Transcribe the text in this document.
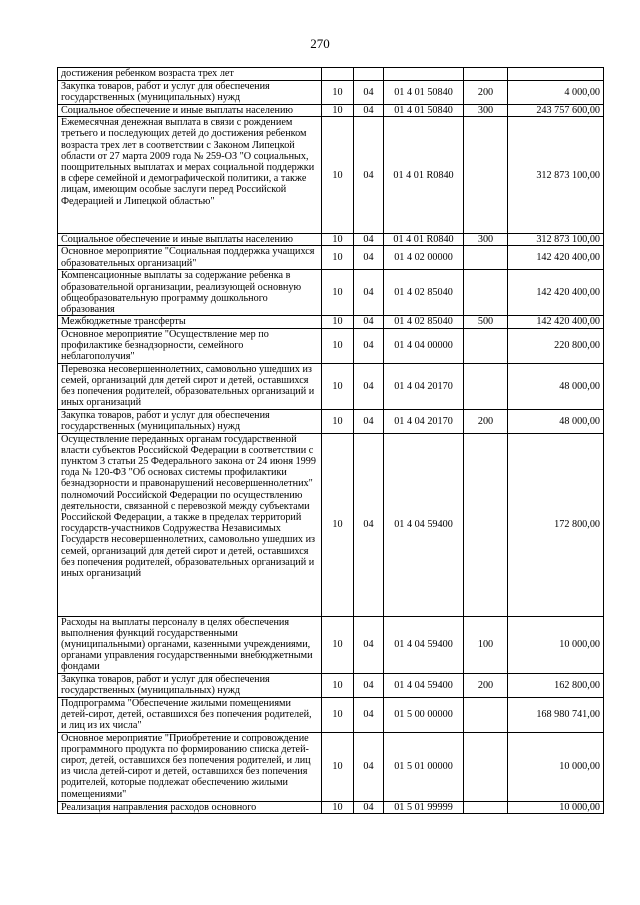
270
достижения ребенком возраста трех лет					
Закупка товаров, работ и услуг для обеспечения государственных (муниципальных) нужд	10	04	01 4 01 50840	200	4 000,00
Социальное обеспечение и иные выплаты населению	10	04	01 4 01 50840	300	243 757 600,00
Ежемесячная денежная выплата в связи с рождением третьего и последующих детей до достижения ребенком возраста трех лет в соответствии с Законом Липецкой области от 27 марта 2009 года № 259-ОЗ "О социальных, поощрительных выплатах и мерах социальной поддержки в сфере семейной и демографической политики, а также лицам, имеющим особые заслуги перед Российской Федерацией и Липецкой областью"	10	04	01 4 01 R0840		312 873 100,00
Социальное обеспечение и иные выплаты населению	10	04	01 4 01 R0840	300	312 873 100,00
Основное мероприятие "Социальная поддержка учащихся образовательных организаций"	10	04	01 4 02 00000		142 420 400,00
Компенсационные выплаты за содержание ребенка в образовательной организации, реализующей основную общеобразовательную программу дошкольного образования	10	04	01 4 02 85040		142 420 400,00
Межбюджетные трансферты	10	04	01 4 02 85040	500	142 420 400,00
Основное мероприятие "Осуществление мер по профилактике безнадзорности, семейного неблагополучия"	10	04	01 4 04 00000		220 800,00
Перевозка несовершеннолетних, самовольно ушедших из семей, организаций для детей сирот и детей, оставшихся без попечения родителей, образовательных организаций и иных организаций	10	04	01 4 04 20170		48 000,00
Закупка товаров, работ и услуг для обеспечения государственных (муниципальных) нужд	10	04	01 4 04 20170	200	48 000,00
Осуществление переданных органам государственной власти субъектов Российской Федерации в соответствии с пунктом 3 статьи 25 Федерального закона от 24 июня 1999 года № 120-ФЗ "Об основах системы профилактики безнадзорности и правонарушений несовершеннолетних" полномочий Российской Федерации по осуществлению деятельности, связанной с перевозкой между субъектами Российской Федерации, а также в пределах территорий государств-участников Содружества Независимых Государств несовершеннолетних, самовольно ушедших из семей, организаций для детей сирот и детей, оставшихся без попечения родителей, образовательных организаций и иных организаций	10	04	01 4 04 59400		172 800,00
Расходы на выплаты персоналу в целях обеспечения выполнения функций государственными (муниципальными) органами, казенными учреждениями, органами управления государственными внебюджетными фондами	10	04	01 4 04 59400	100	10 000,00
Закупка товаров, работ и услуг для обеспечения государственных (муниципальных) нужд	10	04	01 4 04 59400	200	162 800,00
Подпрограмма "Обеспечение жилыми помещениями детей-сирот, детей, оставшихся без попечения родителей, и лиц из их числа"	10	04	01 5 00 00000		168 980 741,00
Основное мероприятие "Приобретение и сопровождение программного продукта по формированию списка детей-сирот, детей, оставшихся без попечения родителей, и лиц из числа детей-сирот и детей, оставшихся без попечения родителей, которые подлежат обеспечению жилыми помещениями"	10	04	01 5 01 00000		10 000,00
Реализация направления расходов основного	10	04	01 5 01 99999		10 000,00
